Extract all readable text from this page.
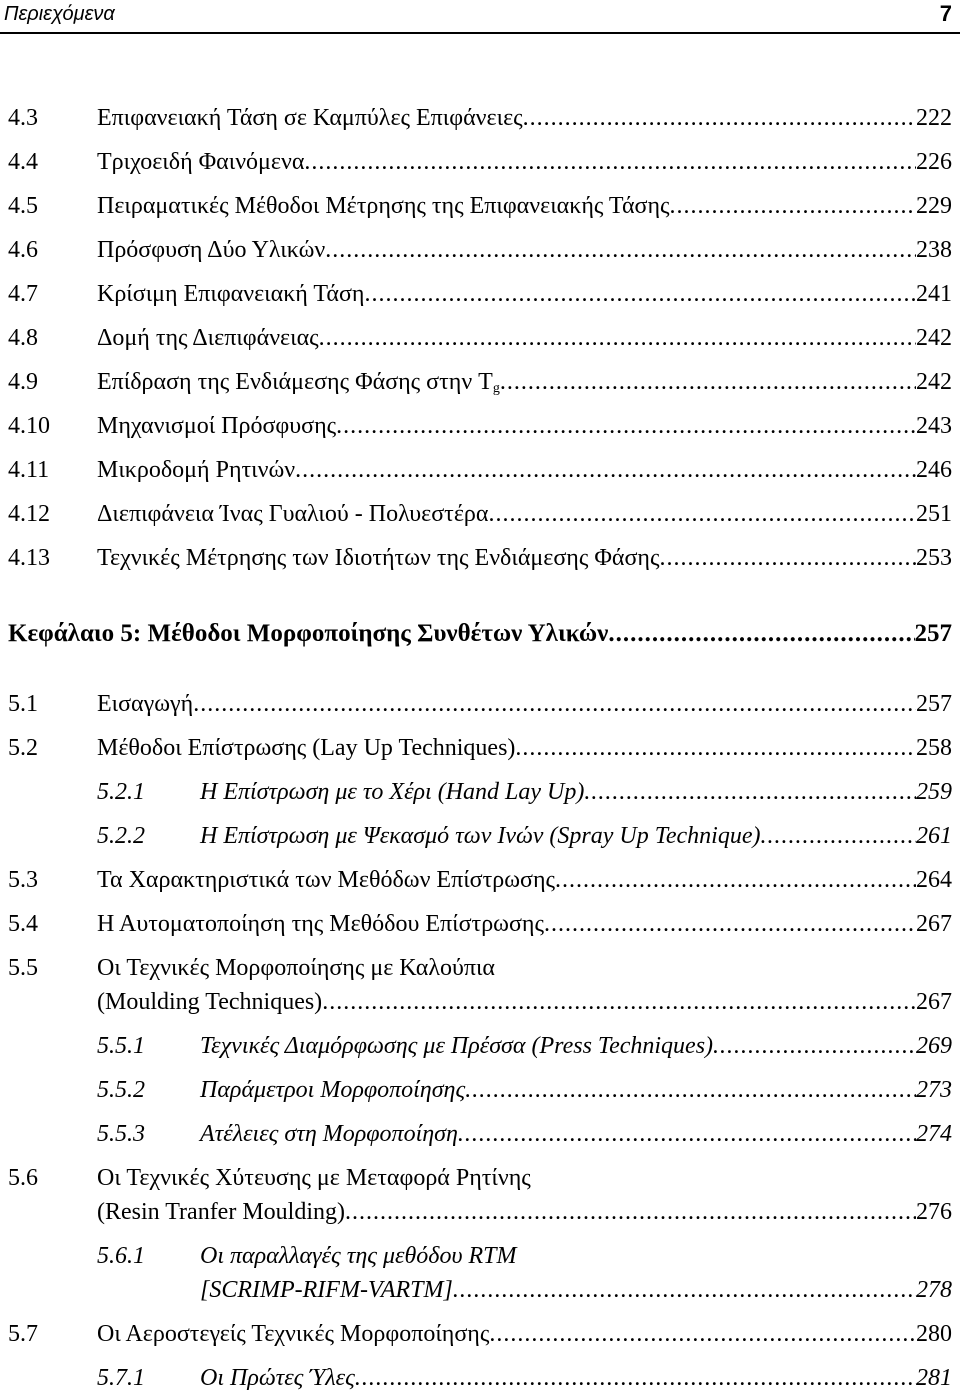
Περιεχόμενα	7
4.3 Επιφανειακή Τάση σε Καμπύλες Επιφάνειες .....	222
4.4 Τριχοειδή Φαινόμενα .....	226
4.5 Πειραματικές Μέθοδοι Μέτρησης της Επιφανειακής Τάσης .....	229
4.6 Πρόσφυση Δύο Υλικών .....	238
4.7 Κρίσιμη Επιφανειακή Τάση .....	241
4.8 Δομή της Διεπιφάνειας .....	242
4.9 Επίδραση της Ενδιάμεσης Φάσης στην $T_g$ .....	242
4.10 Μηχανισμοί Πρόσφυσης .....	243
4.11 Μικροδομή Ρητινών .....	246
4.12 Διεπιφάνεια Ίνας Γυαλιού - Πολυεστέρα .....	251
4.13 Τεχνικές Μέτρησης των Ιδιοτήτων της Ενδιάμεσης Φάσης .....	253
Κεφάλαιο 5: Μέθοδοι Μορφοποίησης Συνθέτων Υλικών .....	257
5.1 Εισαγωγή .....	257
5.2 Μέθοδοι Επίστρωσης (Lay Up Techniques) .....	258
5.2.1 Η Επίστρωση με το Χέρι (Hand Lay Up) .....	259
5.2.2 Η Επίστρωση με Ψεκασμό των Ινών (Spray Up Technique) .....	261
5.3 Τα Χαρακτηριστικά των Μεθόδων Επίστρωσης .....	264
5.4 Η Αυτοματοποίηση της Μεθόδου Επίστρωσης .....	267
5.5 Οι Τεχνικές Μορφοποίησης με Καλούπια
(Moulding Techniques) .....	267
5.5.1 Τεχνικές Διαμόρφωσης με Πρέσσα (Press Techniques) .....	269
5.5.2 Παράμετροι Μορφοποίησης .....	273
5.5.3 Ατέλειες στη Μορφοποίηση .....	274
5.6 Οι Τεχνικές Χύτευσης με Μεταφορά Ρητίνης
(Resin Tranfer Moulding) .....	276
5.6.1 Οι παραλλαγές της μεθόδου RTM
[SCRIMP-RIFM-VARTM] .....	278
5.7 Οι Αεροστεγείς Τεχνικές Μορφοποίησης .....	280
5.7.1 Οι Πρώτες Ύλες .....	281
